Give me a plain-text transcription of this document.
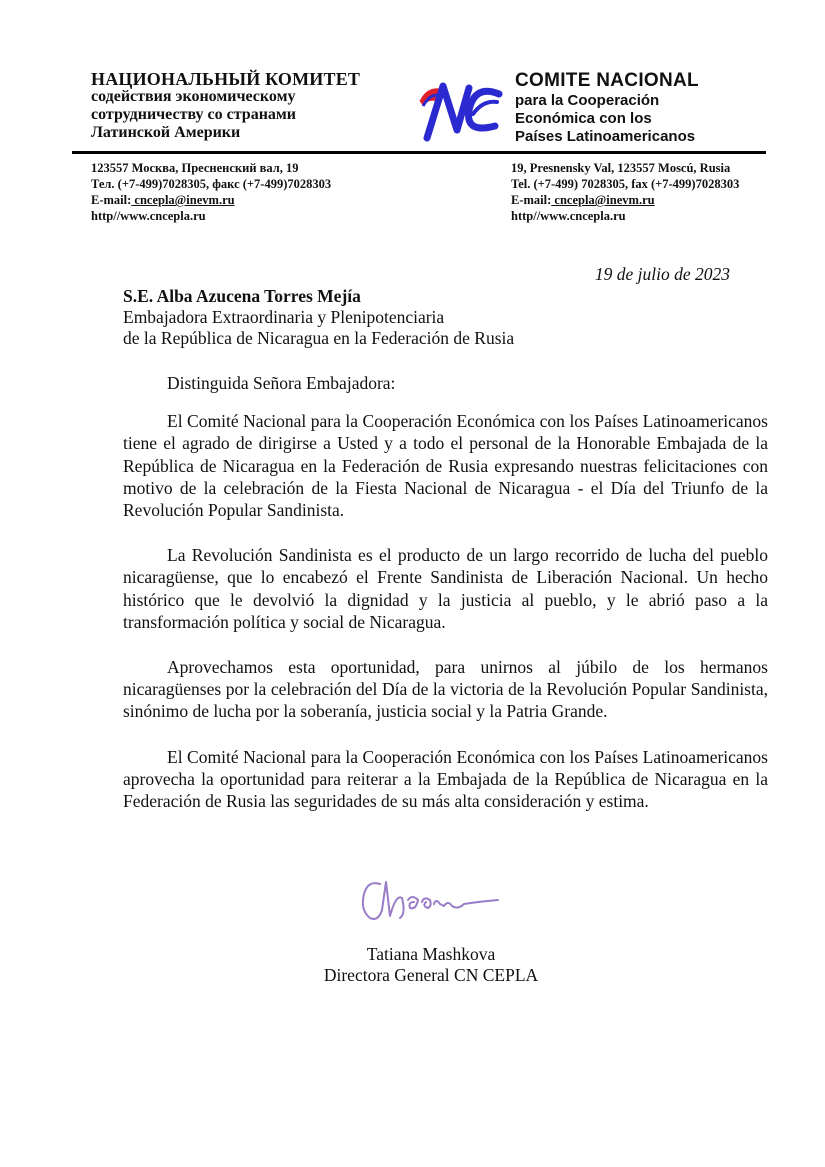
НАЦИОНАЛЬНЫЙ КОМИТЕТ
содействия экономическому
сотрудничеству со странами
Латинской Америки
COMITE NACIONAL
para la Cooperación
Económica con los
Países Latinoamericanos
123557 Москва, Пресненский вал, 19
Тел. (+7-499)7028305, факс (+7-499)7028303
E-mail: cncepla@inevm.ru
http//www.cncepla.ru
19, Presnensky Val, 123557 Moscú, Rusia
Tel. (+7-499) 7028305, fax (+7-499)7028303
E-mail: cncepla@inevm.ru
http//www.cncepla.ru
19 de julio de 2023
S.E. Alba Azucena Torres Mejía
Embajadora Extraordinaria y Plenipotenciaria
de la República de Nicaragua en la Federación de Rusia

Distinguida Señora Embajadora:

El Comité Nacional para la Cooperación Económica con los Países Latinoamericanos tiene el agrado de dirigirse a Usted y a todo el personal de la Honorable Embajada de la República de Nicaragua en la Federación de Rusia expresando nuestras felicitaciones con motivo de la celebración de la Fiesta Nacional de Nicaragua - el Día del Triunfo de la Revolución Popular Sandinista.

La Revolución Sandinista es el producto de un largo recorrido de lucha del pueblo nicaragüense, que lo encabezó el Frente Sandinista de Liberación Nacional. Un hecho histórico que le devolvió la dignidad y la justicia al pueblo, y le abrió paso a la transformación política y social de Nicaragua.

Aprovechamos esta oportunidad, para unirnos al júbilo de los hermanos nicaragüenses por la celebración del Día de la victoria de la Revolución Popular Sandinista, sinónimo de lucha por la soberanía, justicia social y la Patria Grande.

El Comité Nacional para la Cooperación Económica con los Países Latinoamericanos aprovecha la oportunidad para reiterar a la Embajada de la República de Nicaragua en la Federación de Rusia las seguridades de su más alta consideración y estima.

Tatiana Mashkova
Directora General CN CEPLA
